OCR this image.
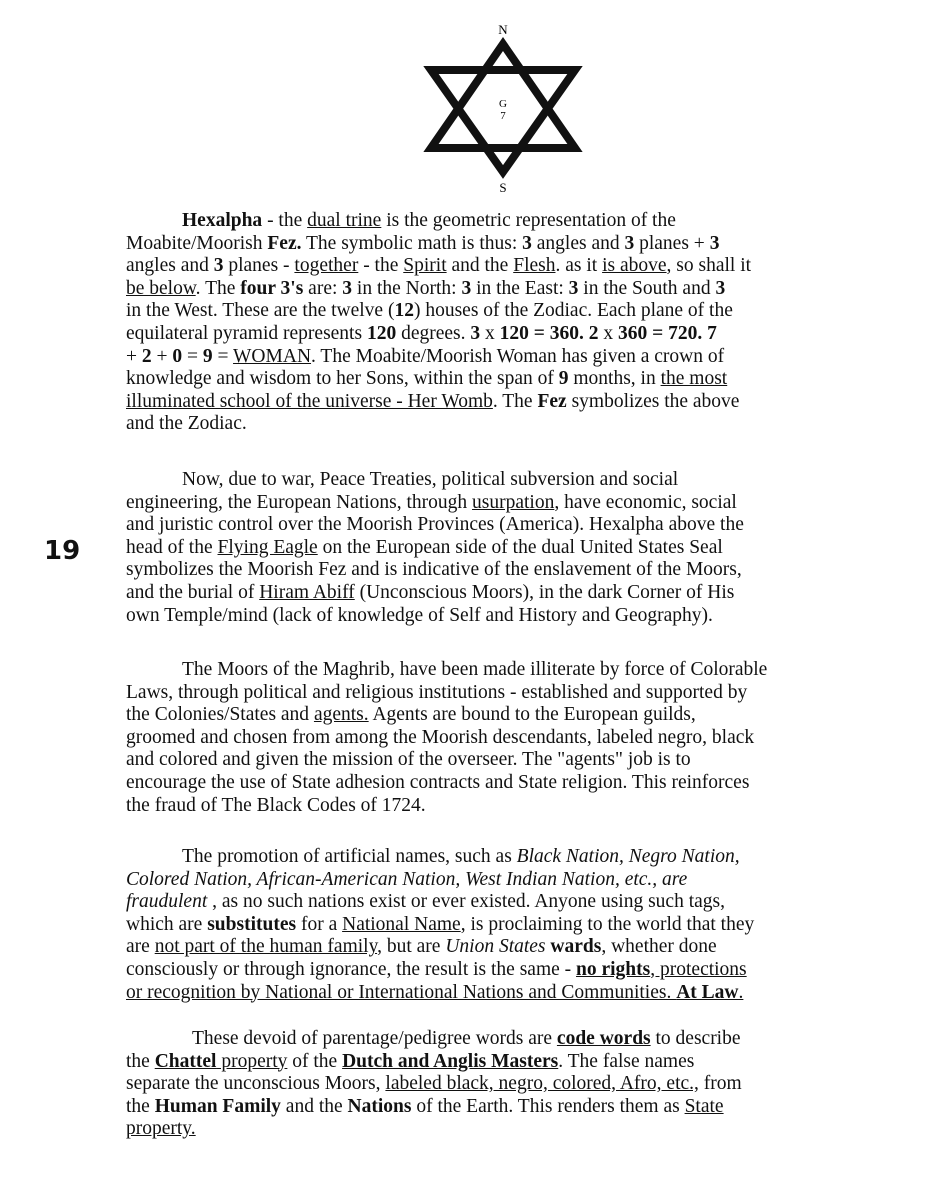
N
G
7
S
19
Hexalpha - the dual trine is the geometric representation of the
Moabite/Moorish Fez. The symbolic math is thus: 3 angles and 3 planes + 3
angles and 3 planes - together - the Spirit and the Flesh. as it is above, so shall it
be below. The four 3's are: 3 in the North: 3 in the East: 3 in the South and 3
in the West. These are the twelve (12) houses of the Zodiac. Each plane of the
equilateral pyramid represents 120 degrees. 3 x 120 = 360. 2 x 360 = 720. 7
+ 2 + 0 = 9 = WOMAN. The Moabite/Moorish Woman has given a crown of
knowledge and wisdom to her Sons, within the span of 9 months, in the most
illuminated school of the universe - Her Womb. The Fez symbolizes the above
and the Zodiac.
Now, due to war, Peace Treaties, political subversion and social
engineering, the European Nations, through usurpation, have economic, social
and juristic control over the Moorish Provinces (America). Hexalpha above the
head of the Flying Eagle on the European side of the dual United States Seal
symbolizes the Moorish Fez and is indicative of the enslavement of the Moors,
and the burial of Hiram Abiff (Unconscious Moors), in the dark Corner of His
own Temple/mind (lack of knowledge of Self and History and Geography).
The Moors of the Maghrib, have been made illiterate by force of Colorable
Laws, through political and religious institutions - established and supported by
the Colonies/States and agents. Agents are bound to the European guilds,
groomed and chosen from among the Moorish descendants, labeled negro, black
and colored and given the mission of the overseer. The "agents" job is to
encourage the use of State adhesion contracts and State religion. This reinforces
the fraud of The Black Codes of 1724.
The promotion of artificial names, such as Black Nation, Negro Nation,
Colored Nation, African-American Nation, West Indian Nation, etc., are
fraudulent , as no such nations exist or ever existed. Anyone using such tags,
which are substitutes for a National Name, is proclaiming to the world that they
are not part of the human family, but are Union States wards, whether done
consciously or through ignorance, the result is the same - no rights, protections
or recognition by National or International Nations and Communities. At Law.
These devoid of parentage/pedigree words are code words to describe
the Chattel property of the Dutch and Anglis Masters. The false names
separate the unconscious Moors, labeled black, negro, colored, Afro, etc., from
the Human Family and the Nations of the Earth. This renders them as State
property.
